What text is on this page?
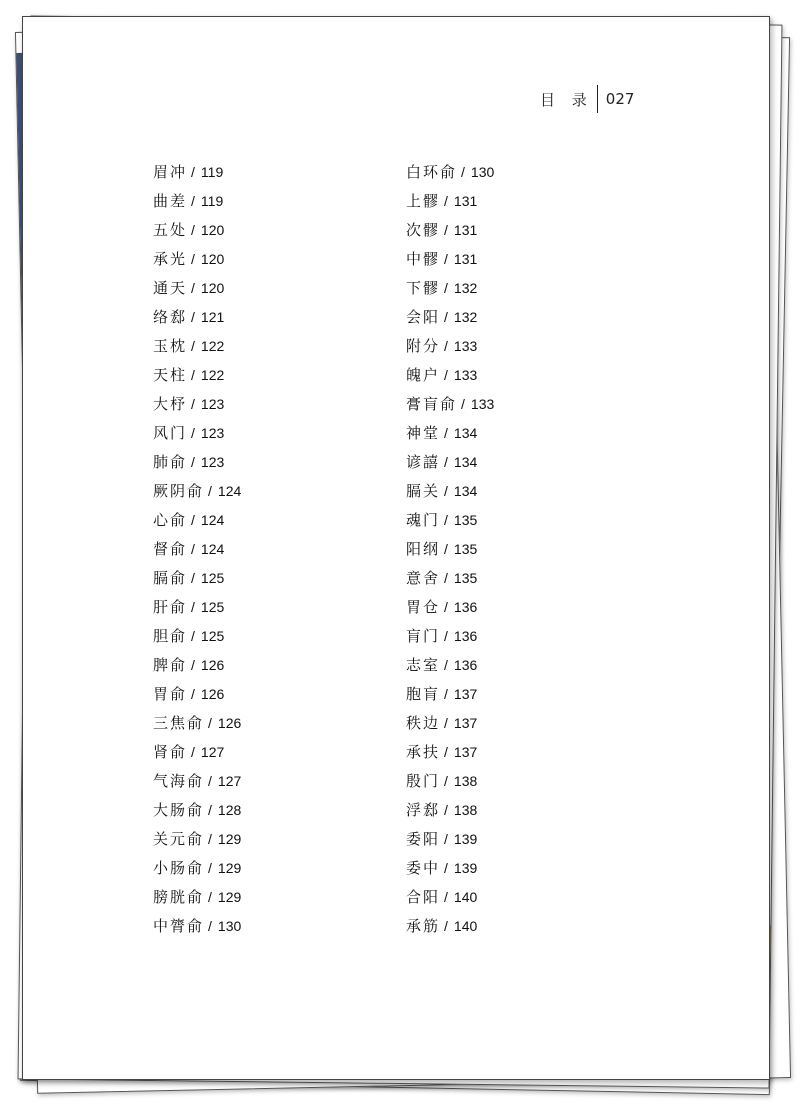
目 录 027
眉冲 / 119
曲差 / 119
五处 / 120
承光 / 120
通天 / 120
络郄 / 121
玉枕 / 122
天柱 / 122
大杼 / 123
风门 / 123
肺俞 / 123
厥阴俞 / 124
心俞 / 124
督俞 / 124
膈俞 / 125
肝俞 / 125
胆俞 / 125
脾俞 / 126
胃俞 / 126
三焦俞 / 126
肾俞 / 127
气海俞 / 127
大肠俞 / 128
关元俞 / 129
小肠俞 / 129
膀胱俞 / 129
中膂俞 / 130
白环俞 / 130
上髎 / 131
次髎 / 131
中髎 / 131
下髎 / 132
会阳 / 132
附分 / 133
魄户 / 133
膏肓俞 / 133
神堂 / 134
谚譆 / 134
膈关 / 134
魂门 / 135
阳纲 / 135
意舍 / 135
胃仓 / 136
肓门 / 136
志室 / 136
胞肓 / 137
秩边 / 137
承扶 / 137
殷门 / 138
浮郄 / 138
委阳 / 139
委中 / 139
合阳 / 140
承筋 / 140
